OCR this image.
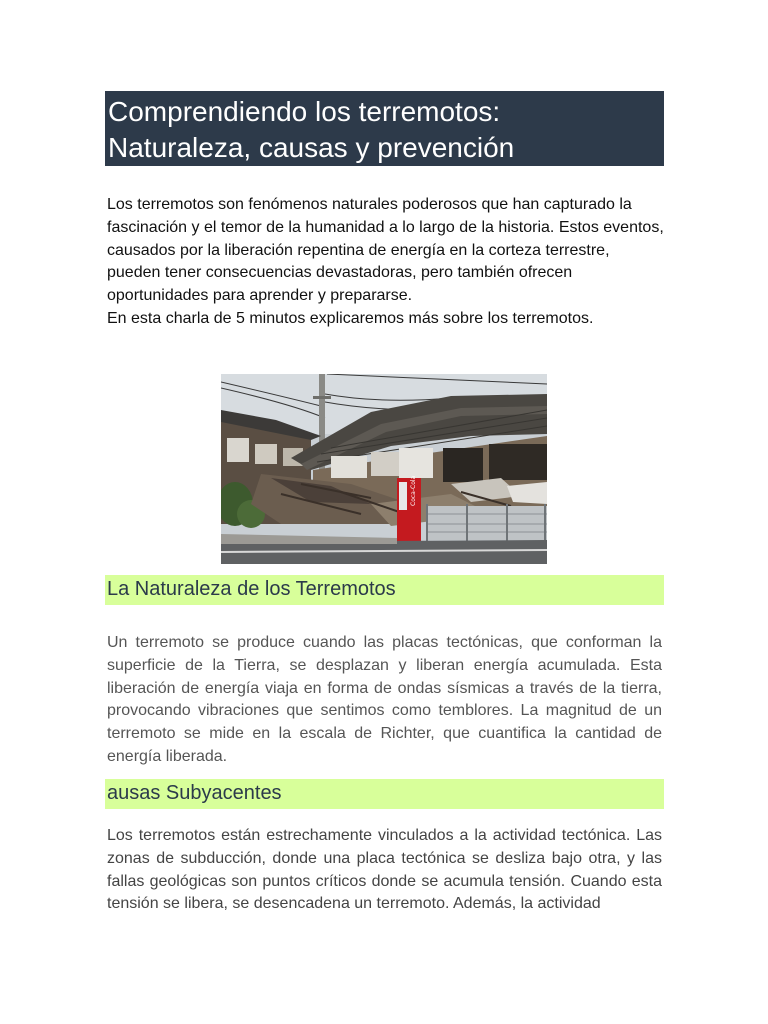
Comprendiendo los terremotos:
Naturaleza, causas y prevención

Los terremotos son fenómenos naturales poderosos que han capturado la fascinación y el temor de la humanidad a lo largo de la historia. Estos eventos, causados por la liberación repentina de energía en la corteza terrestre, pueden tener consecuencias devastadoras, pero también ofrecen oportunidades para aprender y prepararse.

En esta charla de 5 minutos explicaremos más sobre los terremotos.

Coca-Cola
La Naturaleza de los Terremotos
Un terremoto se produce cuando las placas tectónicas, que conforman la superficie de la Tierra, se desplazan y liberan energía acumulada. Esta liberación de energía viaja en forma de ondas sísmicas a través de la tierra, provocando vibraciones que sentimos como temblores. La magnitud de un terremoto se mide en la escala de Richter, que cuantifica la cantidad de energía liberada.
ausas Subyacentes
Los terremotos están estrechamente vinculados a la actividad tectónica. Las zonas de subducción, donde una placa tectónica se desliza bajo otra, y las fallas geológicas son puntos críticos donde se acumula tensión. Cuando esta tensión se libera, se desencadena un terremoto. Además, la actividad
